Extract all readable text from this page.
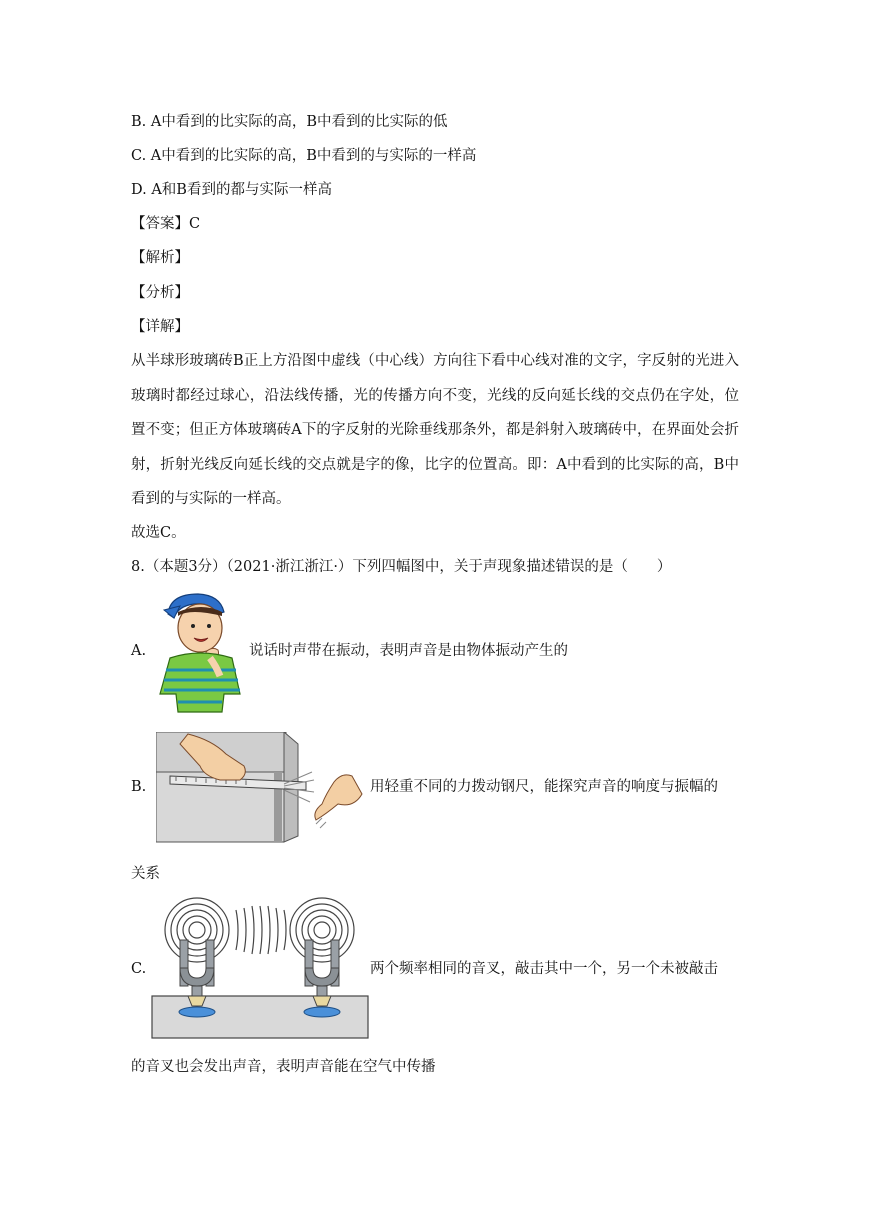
B. A中看到的比实际的高，B中看到的比实际的低
C. A中看到的比实际的高，B中看到的与实际的一样高
D. A和B看到的都与实际一样高
【答案】C
【解析】
【分析】
【详解】
从半球形玻璃砖B正上方沿图中虚线（中心线）方向往下看中心线对准的文字，字反射的光进入玻璃时都经过球心，沿法线传播，光的传播方向不变，光线的反向延长线的交点仍在字处，位置不变；但正方体玻璃砖A下的字反射的光除垂线那条外，都是斜射入玻璃砖中，在界面处会折射，折射光线反向延长线的交点就是字的像，比字的位置高。即：A中看到的比实际的高，B中看到的与实际的一样高。
故选C。
8.（本题3分）（2021·浙江浙江·）下列四幅图中，关于声现象描述错误的是（　　）
A.	说话时声带在振动，表明声音是由物体振动产生的
B.	用轻重不同的力拨动钢尺，能探究声音的响度与振幅的
关系
C.	两个频率相同的音叉，敲击其中一个，另一个未被敲击
的音叉也会发出声音，表明声音能在空气中传播
